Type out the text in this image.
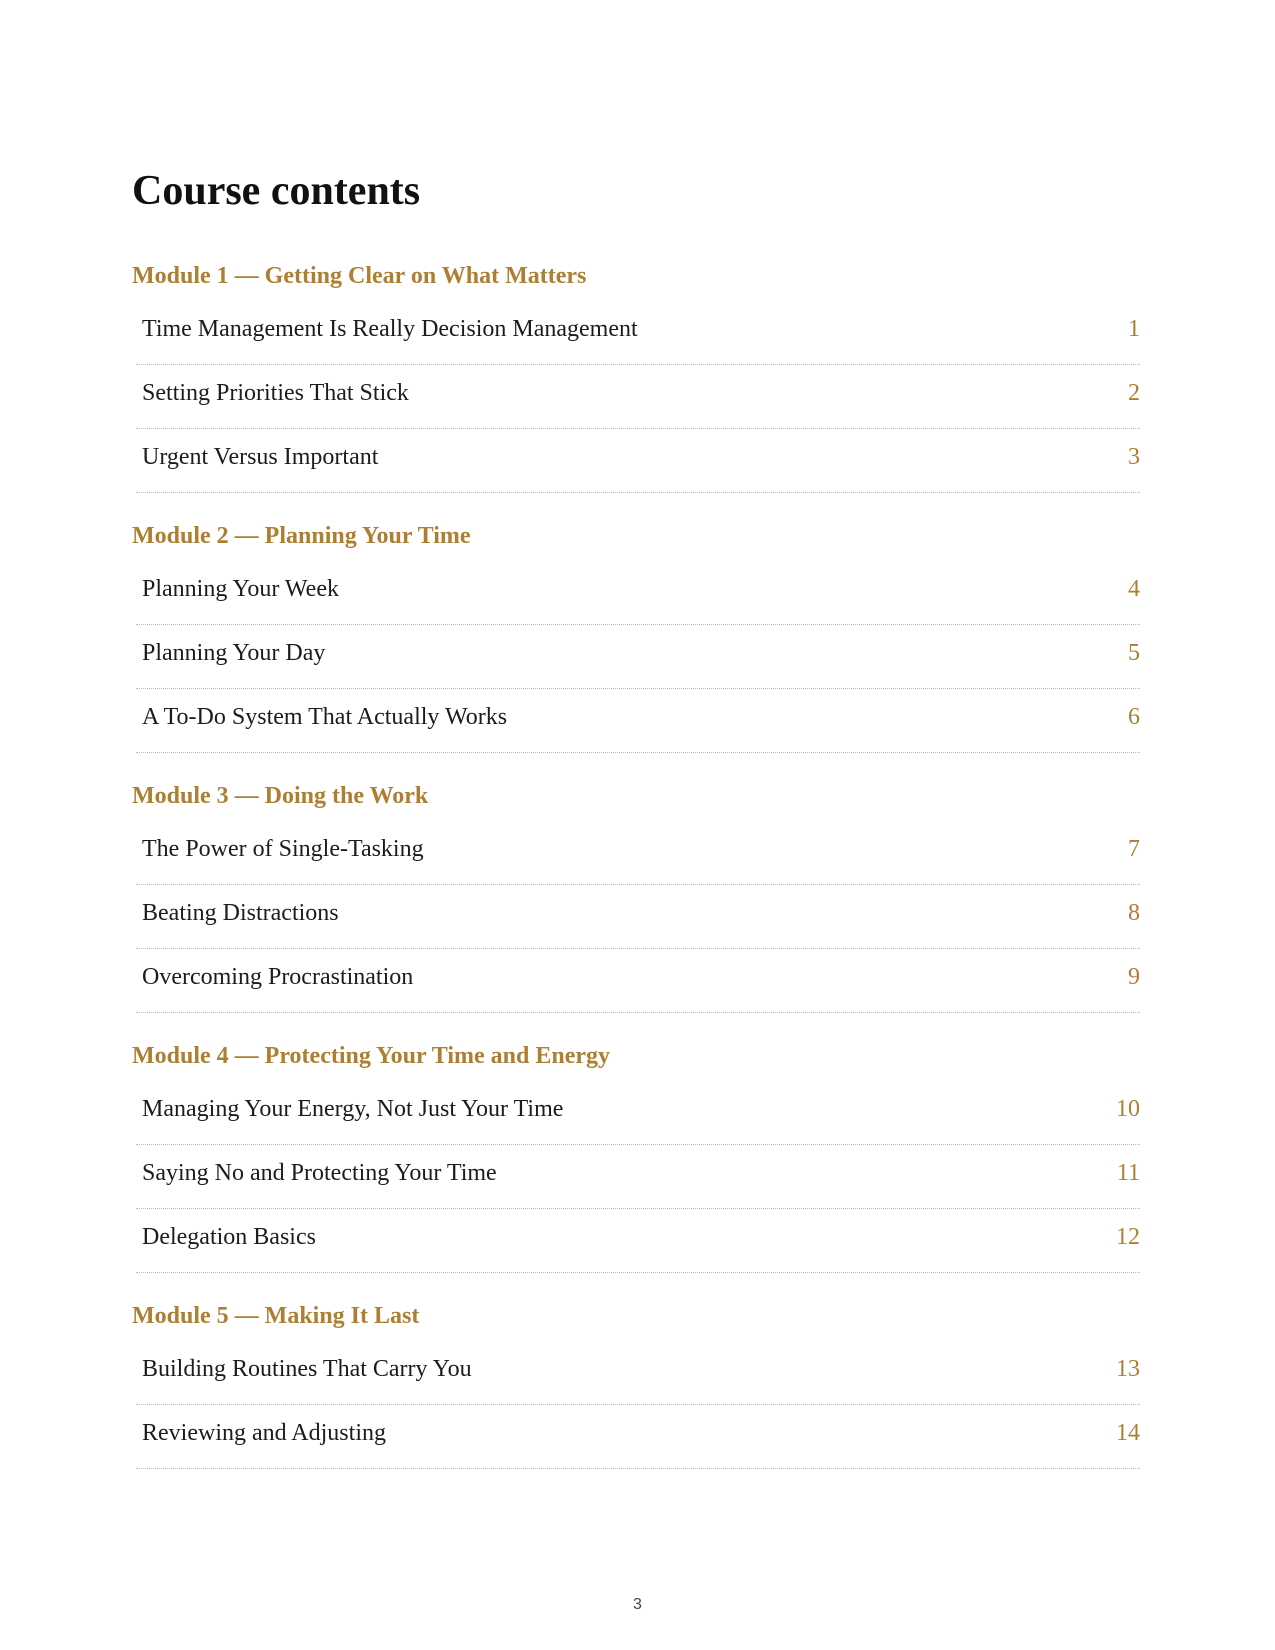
Course contents
Module 1 — Getting Clear on What Matters
Time Management Is Really Decision Management	1
Setting Priorities That Stick	2
Urgent Versus Important	3
Module 2 — Planning Your Time
Planning Your Week	4
Planning Your Day	5
A To-Do System That Actually Works	6
Module 3 — Doing the Work
The Power of Single-Tasking	7
Beating Distractions	8
Overcoming Procrastination	9
Module 4 — Protecting Your Time and Energy
Managing Your Energy, Not Just Your Time	10
Saying No and Protecting Your Time	11
Delegation Basics	12
Module 5 — Making It Last
Building Routines That Carry You	13
Reviewing and Adjusting	14
3
